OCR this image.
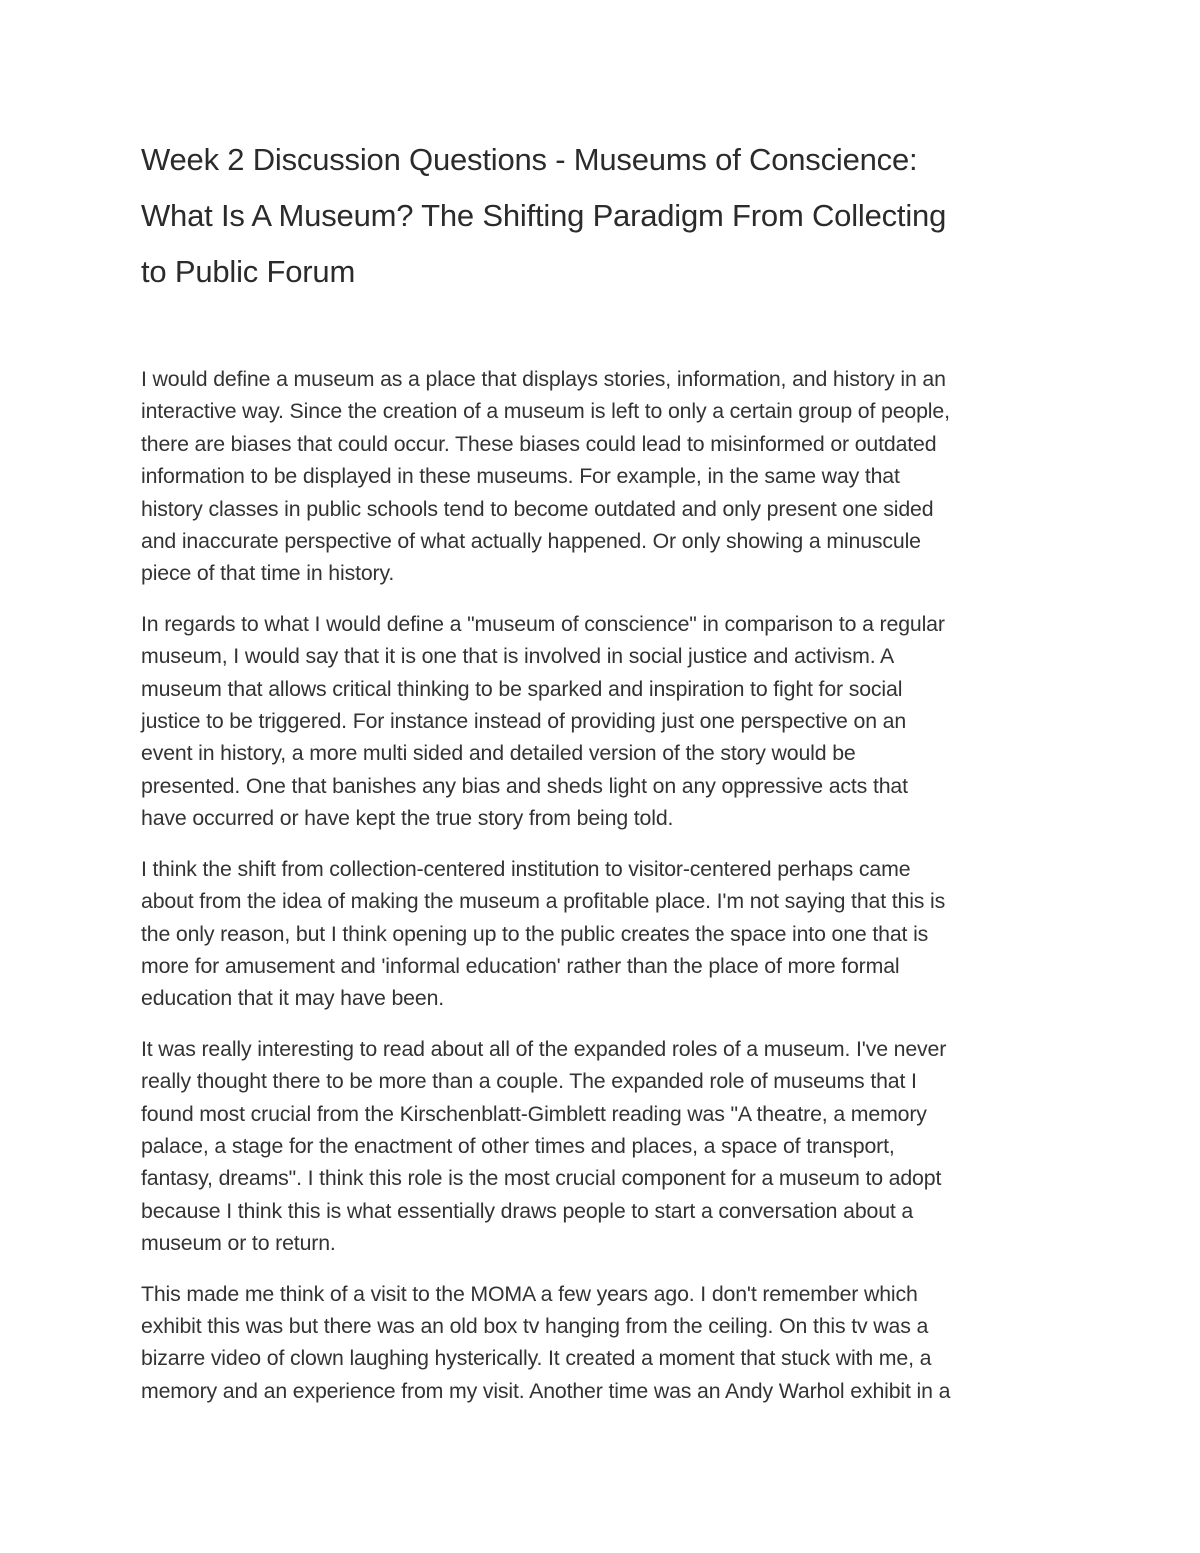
Week 2 Discussion Questions - Museums of Conscience:
What Is A Museum? The Shifting Paradigm From Collecting
to Public Forum

I would define a museum as a place that displays stories, information, and history in an
interactive way. Since the creation of a museum is left to only a certain group of people,
there are biases that could occur. These biases could lead to misinformed or outdated
information to be displayed in these museums. For example, in the same way that
history classes in public schools tend to become outdated and only present one sided
and inaccurate perspective of what actually happened. Or only showing a minuscule
piece of that time in history.

In regards to what I would define a "museum of conscience" in comparison to a regular
museum, I would say that it is one that is involved in social justice and activism. A
museum that allows critical thinking to be sparked and inspiration to fight for social
justice to be triggered. For instance instead of providing just one perspective on an
event in history, a more multi sided and detailed version of the story would be
presented. One that banishes any bias and sheds light on any oppressive acts that
have occurred or have kept the true story from being told.

I think the shift from collection-centered institution to visitor-centered perhaps came
about from the idea of making the museum a profitable place. I'm not saying that this is
the only reason, but I think opening up to the public creates the space into one that is
more for amusement and 'informal education' rather than the place of more formal
education that it may have been.

It was really interesting to read about all of the expanded roles of a museum. I've never
really thought there to be more than a couple. The expanded role of museums that I
found most crucial from the Kirschenblatt-Gimblett reading was "A theatre, a memory
palace, a stage for the enactment of other times and places, a space of transport,
fantasy, dreams". I think this role is the most crucial component for a museum to adopt
because I think this is what essentially draws people to start a conversation about a
museum or to return.

This made me think of a visit to the MOMA a few years ago. I don't remember which
exhibit this was but there was an old box tv hanging from the ceiling. On this tv was a
bizarre video of clown laughing hysterically. It created a moment that stuck with me, a
memory and an experience from my visit. Another time was an Andy Warhol exhibit in a
